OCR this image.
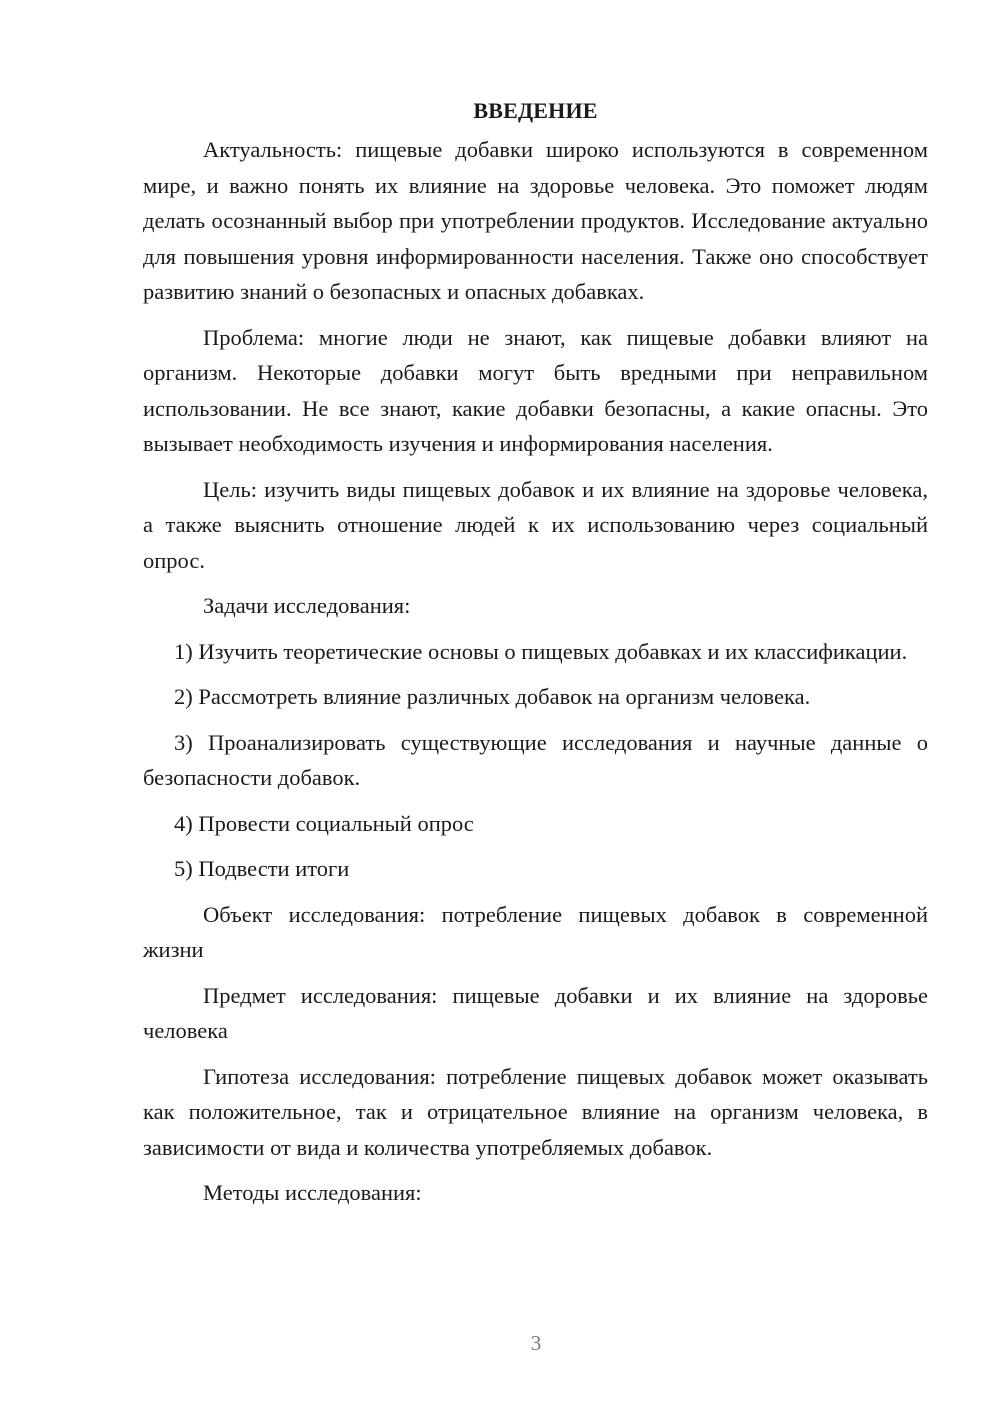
ВВЕДЕНИЕ

Актуальность: пищевые добавки широко используются в современном мире, и важно понять их влияние на здоровье человека. Это поможет людям делать осознанный выбор при употреблении продуктов. Исследование актуально для повышения уровня информированности населения. Также оно способствует развитию знаний о безопасных и опасных добавках.

Проблема: многие люди не знают, как пищевые добавки влияют на организм. Некоторые добавки могут быть вредными при неправильном использовании. Не все знают, какие добавки безопасны, а какие опасны. Это вызывает необходимость изучения и информирования населения.

Цель: изучить виды пищевых добавок и их влияние на здоровье человека, а также выяснить отношение людей к их использованию через социальный опрос.

Задачи исследования:

1) Изучить теоретические основы о пищевых добавках и их классификации.

2) Рассмотреть влияние различных добавок на организм человека.

3) Проанализировать существующие исследования и научные данные о безопасности добавок.

4) Провести социальный опрос

5) Подвести итоги

Объект исследования: потребление пищевых добавок в современной жизни

Предмет исследования: пищевые добавки и их влияние на здоровье человека

Гипотеза исследования: потребление пищевых добавок может оказывать как положительное, так и отрицательное влияние на организм человека, в зависимости от вида и количества употребляемых добавок.

Методы исследования:

3
